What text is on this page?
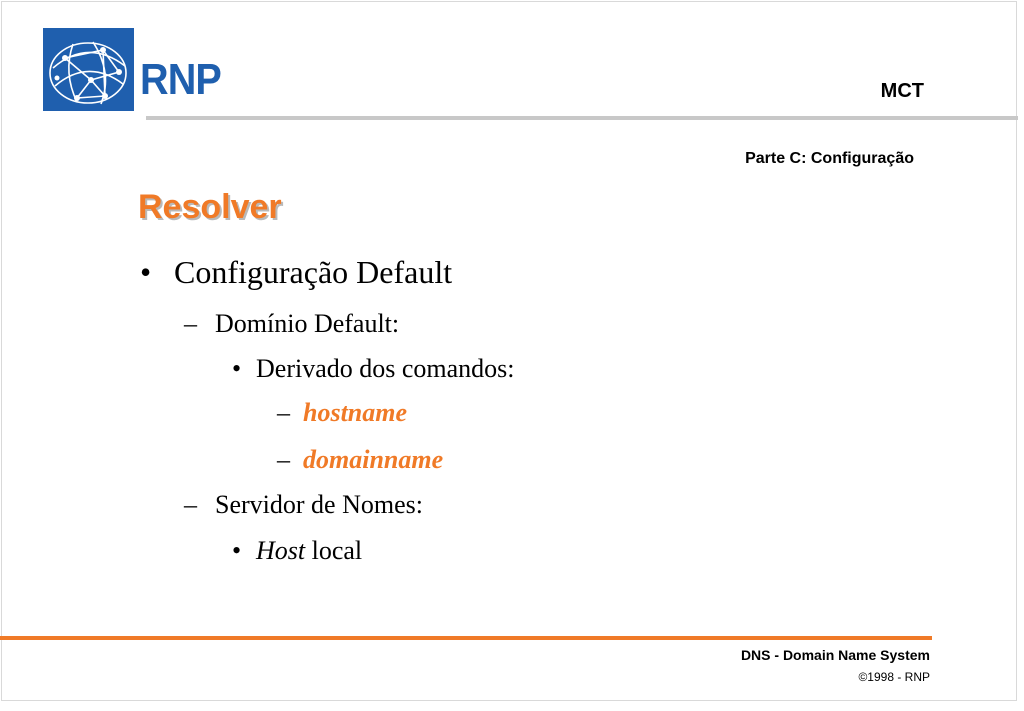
RNP	MCT
Parte C: Configuração
Resolver
• Configuração Default
– Domínio Default:
• Derivado dos comandos:
– hostname
– domainname
– Servidor de Nomes:
• Host local
DNS - Domain Name System
©1998 - RNP
